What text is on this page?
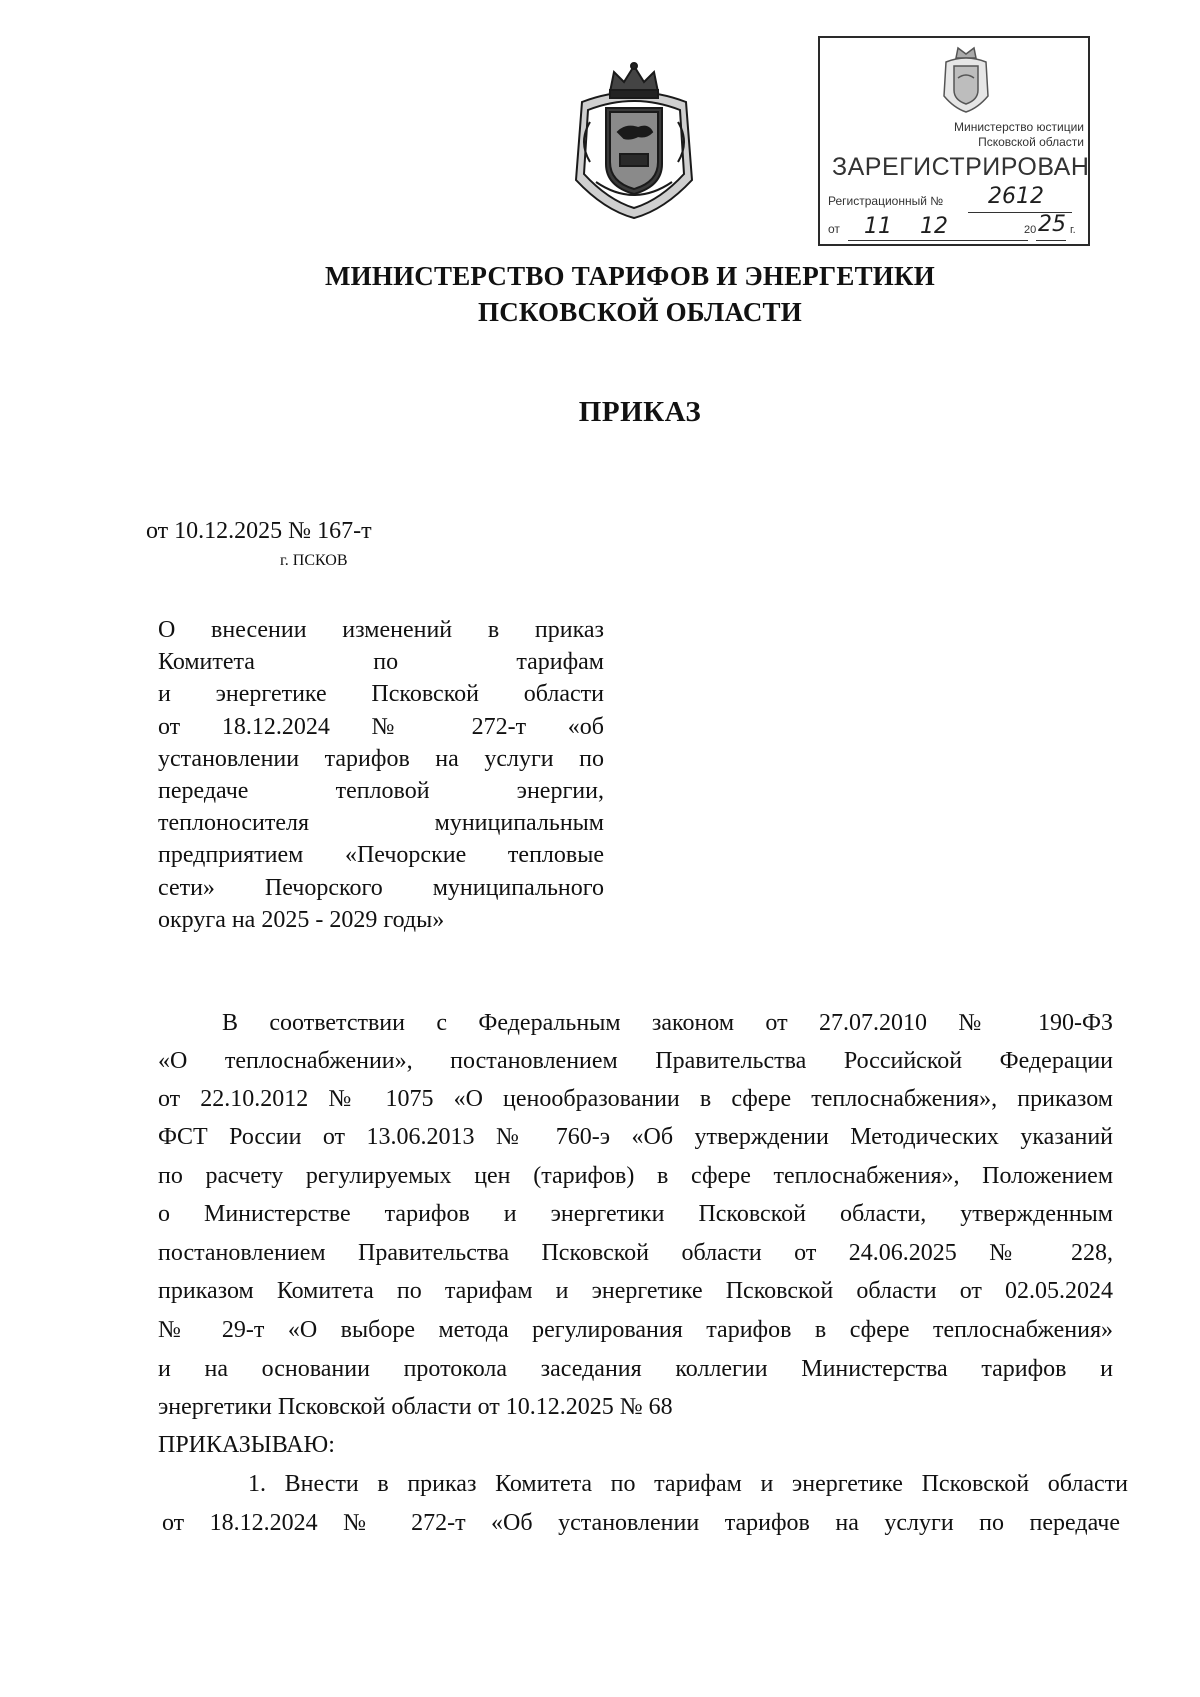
Министерство юстиции
Псковской области
ЗАРЕГИСТРИРОВАН
Регистрационный № 2612
от 11 12	20 25 г.
МИНИСТЕРСТВО ТАРИФОВ И ЭНЕРГЕТИКИ
ПСКОВСКОЙ ОБЛАСТИ
ПРИКАЗ
от 10.12.2025 № 167-т
г. ПСКОВ
О внесении изменений в приказ
Комитета по тарифам
и энергетике Псковской области
от 18.12.2024 № 272-т «об
установлении тарифов на услуги по
передаче тепловой энергии,
теплоносителя муниципальным
предприятием «Печорские тепловые
сети» Печорского муниципального
округа на 2025 - 2029 годы»
В соответствии с Федеральным законом от 27.07.2010 № 190-ФЗ
«О теплоснабжении», постановлением Правительства Российской Федерации
от 22.10.2012 № 1075 «О ценообразовании в сфере теплоснабжения», приказом
ФСТ России от 13.06.2013 № 760-э «Об утверждении Методических указаний
по расчету регулируемых цен (тарифов) в сфере теплоснабжения», Положением
о Министерстве тарифов и энергетики Псковской области, утвержденным
постановлением Правительства Псковской области от 24.06.2025 № 228,
приказом Комитета по тарифам и энергетике Псковской области от 02.05.2024
№ 29-т «О выборе метода регулирования тарифов в сфере теплоснабжения»
и на основании протокола заседания коллегии Министерства тарифов и
энергетики Псковской области от 10.12.2025 № 68
ПРИКАЗЫВАЮ:
1. Внести в приказ Комитета по тарифам и энергетике Псковской области
от 18.12.2024 № 272-т «Об установлении тарифов на услуги по передаче
